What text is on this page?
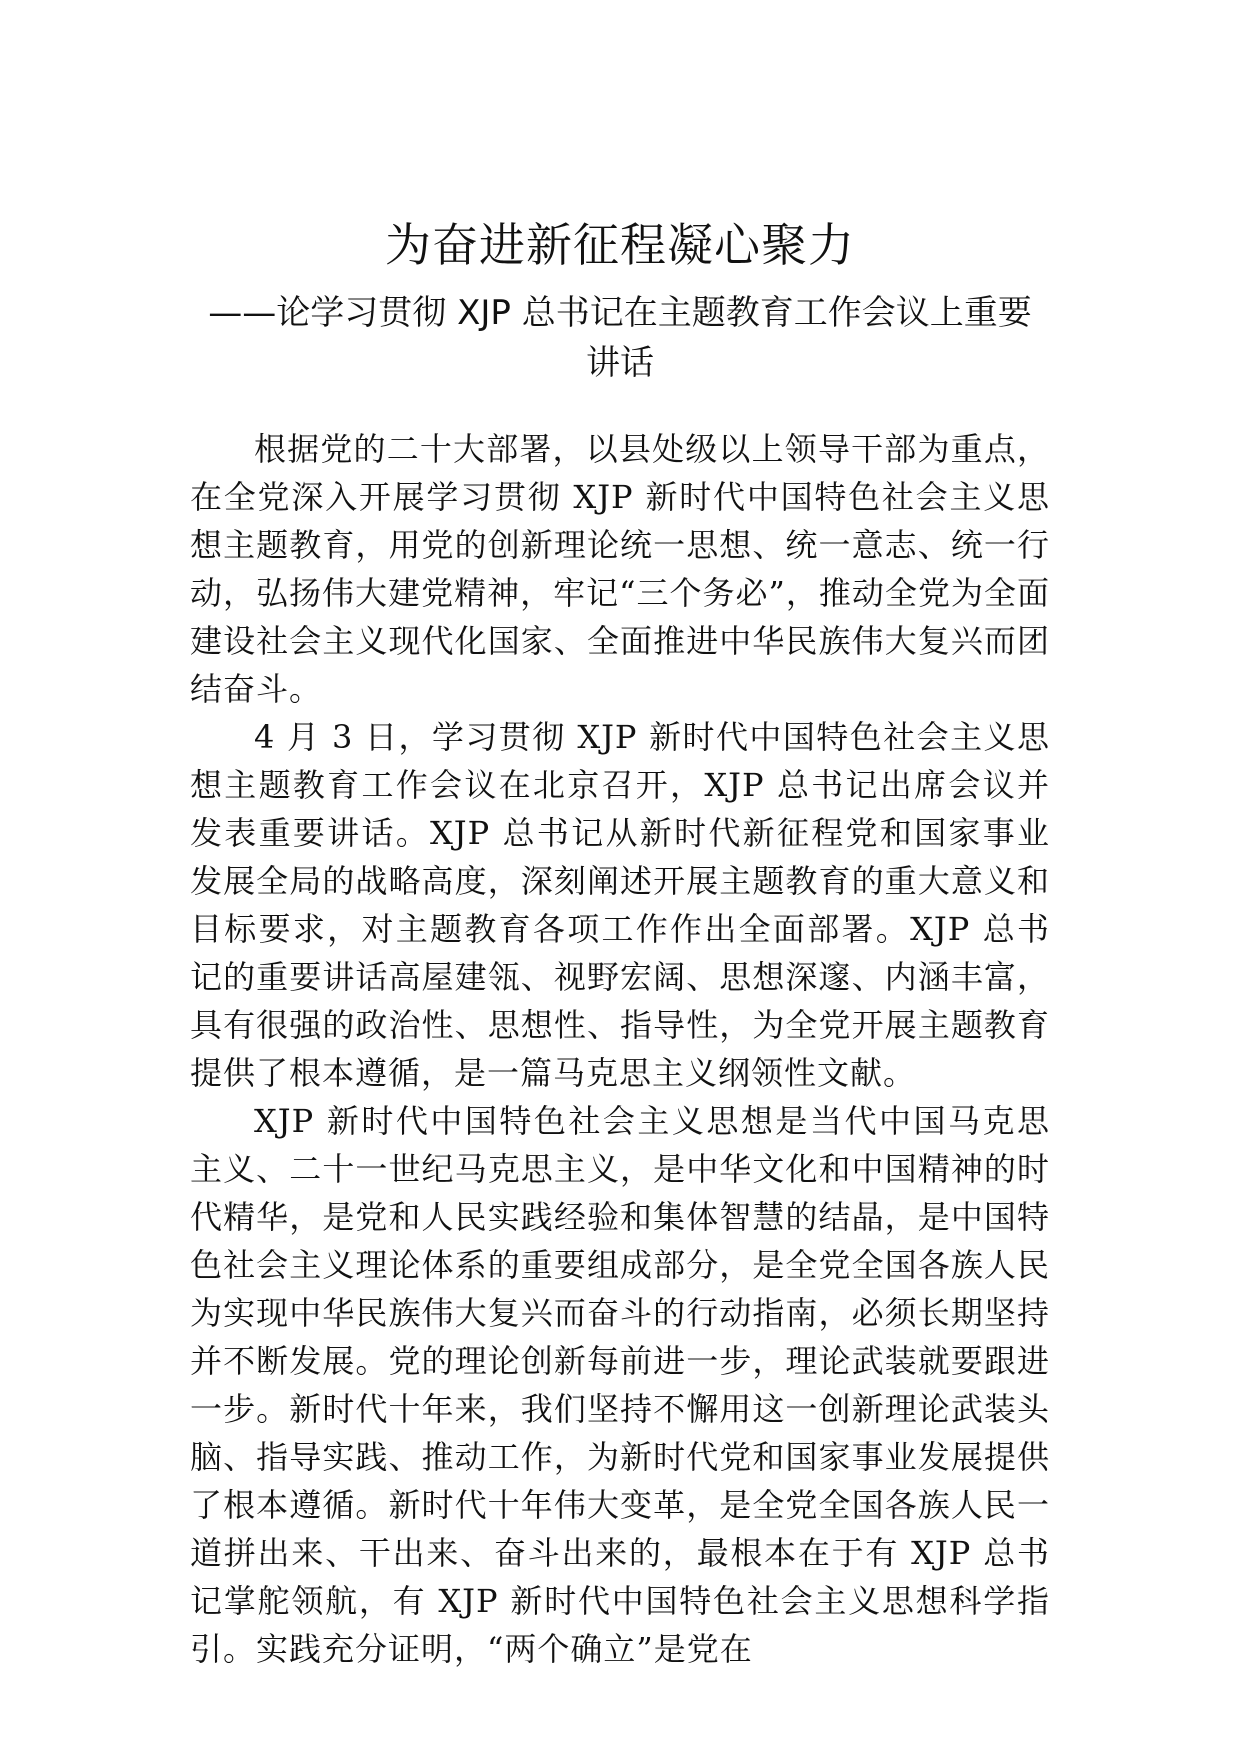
为奋进新征程凝心聚力
——论学习贯彻 XJP 总书记在主题教育工作会议上重要讲话

根据党的二十大部署，以县处级以上领导干部为重点，在全党深入开展学习贯彻 XJP 新时代中国特色社会主义思想主题教育，用党的创新理论统一思想、统一意志、统一行动，弘扬伟大建党精神，牢记“三个务必”，推动全党为全面建设社会主义现代化国家、全面推进中华民族伟大复兴而团结奋斗。

4 月 3 日，学习贯彻 XJP 新时代中国特色社会主义思想主题教育工作会议在北京召开，XJP 总书记出席会议并发表重要讲话。XJP 总书记从新时代新征程党和国家事业发展全局的战略高度，深刻阐述开展主题教育的重大意义和目标要求，对主题教育各项工作作出全面部署。XJP 总书记的重要讲话高屋建瓴、视野宏阔、思想深邃、内涵丰富，具有很强的政治性、思想性、指导性，为全党开展主题教育提供了根本遵循，是一篇马克思主义纲领性文献。

XJP 新时代中国特色社会主义思想是当代中国马克思主义、二十一世纪马克思主义，是中华文化和中国精神的时代精华，是党和人民实践经验和集体智慧的结晶，是中国特色社会主义理论体系的重要组成部分，是全党全国各族人民为实现中华民族伟大复兴而奋斗的行动指南，必须长期坚持并不断发展。党的理论创新每前进一步，理论武装就要跟进一步。新时代十年来，我们坚持不懈用这一创新理论武装头脑、指导实践、推动工作，为新时代党和国家事业发展提供了根本遵循。新时代十年伟大变革，是全党全国各族人民一道拼出来、干出来、奋斗出来的，最根本在于有 XJP 总书记掌舵领航，有 XJP 新时代中国特色社会主义思想科学指引。实践充分证明，“两个确立”是党在
